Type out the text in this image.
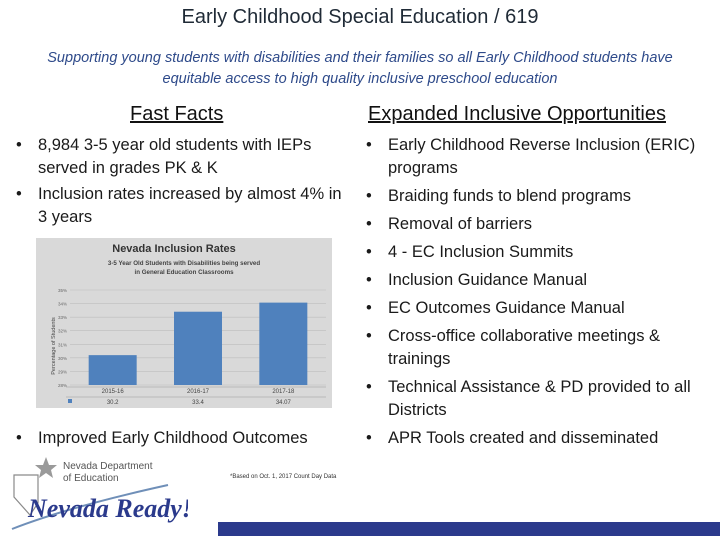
Early Childhood Special Education / 619
Supporting young students with disabilities and their families so all Early Childhood students have equitable access to high quality inclusive preschool education
Fast Facts	Expanded Inclusive Opportunities
• 8,984 3-5 year old students with IEPs served in grades PK & K
• Inclusion rates increased by almost 4% in 3 years
Nevada Inclusion Rates
3-5 Year Old Students with Disabilities being served
in General Education Classrooms
Percentage of Students
35%
34%
33%
32%
31%
30%
29%
28%
2015-16
30.2
2016-17
33.4
2017-18
34.07
• Improved Early Childhood Outcomes
*Based on Oct. 1, 2017 Count Day Data
• Early Childhood Reverse Inclusion (ERIC) programs
• Braiding funds to blend programs
• Removal of barriers
• 4 - EC Inclusion Summits
• Inclusion Guidance Manual
• EC Outcomes Guidance Manual
• Cross-office collaborative meetings & trainings
• Technical Assistance & PD provided to all Districts
• APR Tools created and disseminated
Nevada Department
of Education
Nevada Ready!
